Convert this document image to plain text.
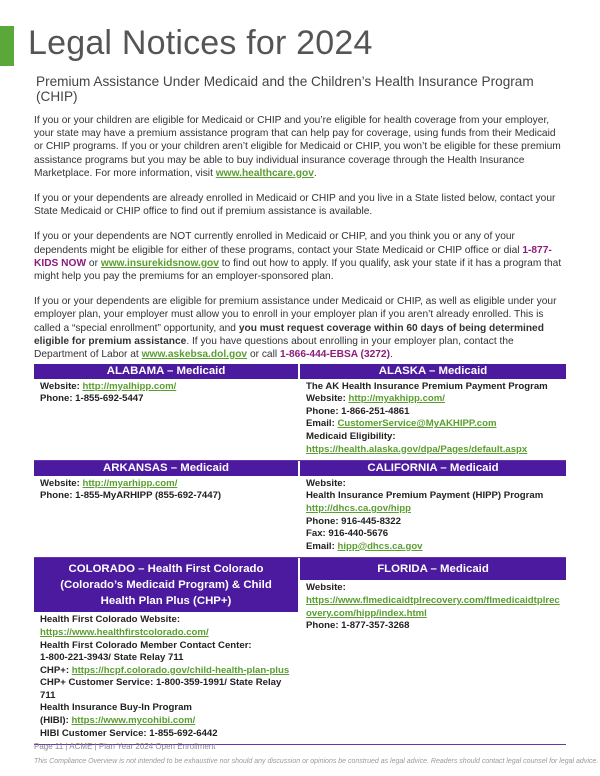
Legal Notices for 2024
Premium Assistance Under Medicaid and the Children’s Health Insurance Program (CHIP)

If you or your children are eligible for Medicaid or CHIP and you’re eligible for health coverage from your employer, your state may have a premium assistance program that can help pay for coverage, using funds from their Medicaid or CHIP programs. If you or your children aren’t eligible for Medicaid or CHIP, you won’t be eligible for these premium assistance programs but you may be able to buy individual insurance coverage through the Health Insurance Marketplace. For more information, visit www.healthcare.gov.

If you or your dependents are already enrolled in Medicaid or CHIP and you live in a State listed below, contact your State Medicaid or CHIP office to find out if premium assistance is available.

If you or your dependents are NOT currently enrolled in Medicaid or CHIP, and you think you or any of your dependents might be eligible for either of these programs, contact your State Medicaid or CHIP office or dial 1-877-KIDS NOW or www.insurekidsnow.gov to find out how to apply. If you qualify, ask your state if it has a program that might help you pay the premiums for an employer-sponsored plan.

If you or your dependents are eligible for premium assistance under Medicaid or CHIP, as well as eligible under your employer plan, your employer must allow you to enroll in your employer plan if you aren’t already enrolled. This is called a “special enrollment” opportunity, and you must request coverage within 60 days of being determined eligible for premium assistance. If you have questions about enrolling in your employer plan, contact the Department of Labor at www.askebsa.dol.gov or call 1-866-444-EBSA (3272).

ALABAMA – Medicaid
Website: http://myalhipp.com/
Phone: 1-855-692-5447
ALASKA – Medicaid
The AK Health Insurance Premium Payment Program
Website: http://myakhipp.com/
Phone: 1-866-251-4861
Email: CustomerService@MyAKHIPP.com
Medicaid Eligibility:
https://health.alaska.gov/dpa/Pages/default.aspx
ARKANSAS – Medicaid
Website: http://myarhipp.com/
Phone: 1-855-MyARHIPP (855-692-7447)
CALIFORNIA – Medicaid
Website:
Health Insurance Premium Payment (HIPP) Program
http://dhcs.ca.gov/hipp
Phone: 916-445-8322
Fax: 916-440-5676
Email: hipp@dhcs.ca.gov
COLORADO – Health First Colorado (Colorado’s Medicaid Program) & Child Health Plan Plus (CHP+)
Health First Colorado Website:
https://www.healthfirstcolorado.com/
Health First Colorado Member Contact Center:
1-800-221-3943/ State Relay 711
CHP+: https://hcpf.colorado.gov/child-health-plan-plus
CHP+ Customer Service: 1-800-359-1991/ State Relay 711
Health Insurance Buy-In Program
(HIBI): https://www.mycohibi.com/
HIBI Customer Service: 1-855-692-6442
FLORIDA – Medicaid
Website:
https://www.flmedicaidtplrecovery.com/flmedicaidtplrecovery.com/hipp/index.html
Phone: 1-877-357-3268
Page 11 | ACME | Plan Year 2024 Open Enrollment
This Compliance Overview is not intended to be exhaustive nor should any discussion or opinions be construed as legal advice. Readers should contact legal counsel for legal advice.
